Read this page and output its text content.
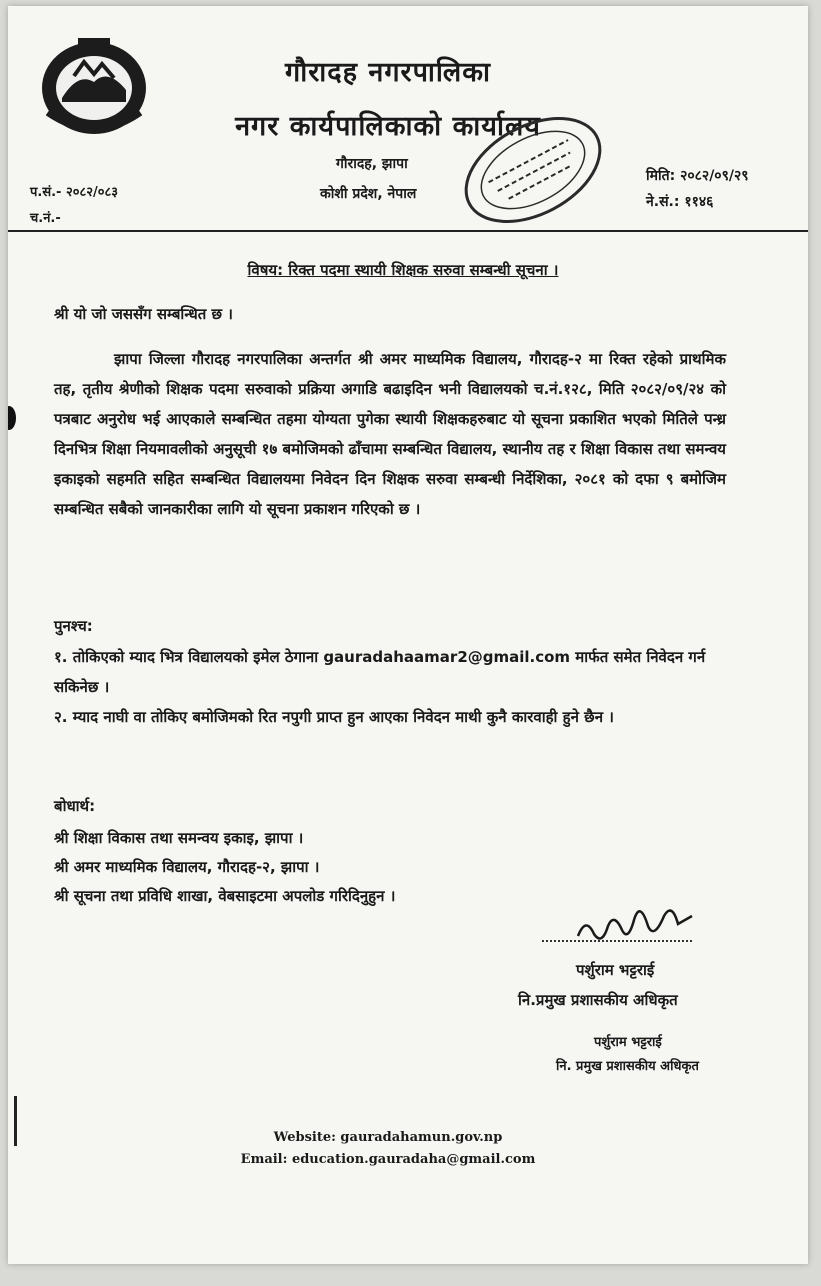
गौरादह नगरपालिका
नगर कार्यपालिकाको कार्यालय
गौरादह, झापा
कोशी प्रदेश, नेपाल
प.सं.- २०८२/०८३
च.नं.-
मिति: २०८२/०९/२९
ने.सं.: ११४६
विषय: रिक्त पदमा स्थायी शिक्षक सरुवा सम्बन्धी सूचना ।
श्री यो जो जससँग सम्बन्धित छ ।
झापा जिल्ला गौरादह नगरपालिका अन्तर्गत श्री अमर माध्यमिक विद्यालय, गौरादह-२ मा रिक्त रहेको प्राथमिक तह, तृतीय श्रेणीको शिक्षक पदमा सरुवाको प्रक्रिया अगाडि बढाइदिन भनी विद्यालयको च.नं.१२८, मिति २०८२/०९/२४ को पत्रबाट अनुरोध भई आएकाले सम्बन्धित तहमा योग्यता पुगेका स्थायी शिक्षकहरुबाट यो सूचना प्रकाशित भएको मितिले पन्ध्र दिनभित्र शिक्षा नियमावलीको अनुसूची १७ बमोजिमको ढाँचामा सम्बन्धित विद्यालय, स्थानीय तह र शिक्षा विकास तथा समन्वय इकाइको सहमति सहित सम्बन्धित विद्यालयमा निवेदन दिन शिक्षक सरुवा सम्बन्धी निर्देशिका, २०८१ को दफा ९ बमोजिम सम्बन्धित सबैको जानकारीका लागि यो सूचना प्रकाशन गरिएको छ ।
पुनश्च:
१. तोकिएको म्याद भित्र विद्यालयको इमेल ठेगाना gauradahaamar2@gmail.com मार्फत समेत निवेदन गर्न सकिनेछ ।
२. म्याद नाघी वा तोकिए बमोजिमको रित नपुगी प्राप्त हुन आएका निवेदन माथी कुनै कारवाही हुने छैन ।
बोधार्थ:
श्री शिक्षा विकास तथा समन्वय इकाइ, झापा ।
श्री अमर माध्यमिक विद्यालय, गौरादह-२, झापा ।
श्री सूचना तथा प्रविधि शाखा, वेबसाइटमा अपलोड गरिदिनुहुन ।
पर्शुराम भट्टराई
नि.प्रमुख प्रशासकीय अधिकृत
पर्शुराम भट्टराई
नि. प्रमुख प्रशासकीय अधिकृत
Website: gauradahamun.gov.np
Email: education.gauradaha@gmail.com
